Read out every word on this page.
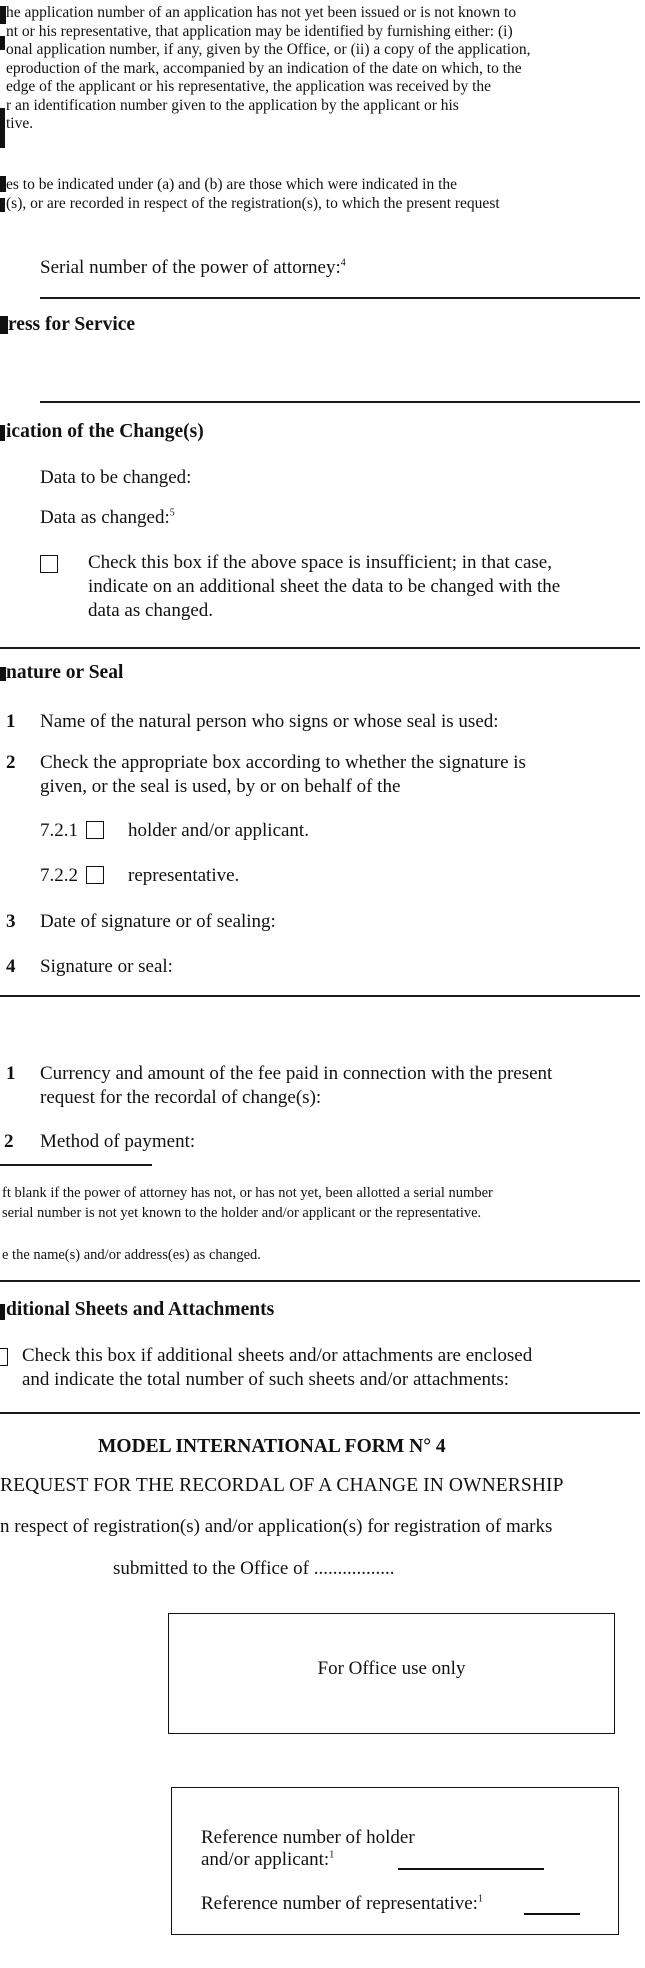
he application number of an application has not yet been issued or is not known to
nt or his representative, that application may be identified by furnishing either: (i)
onal application number, if any, given by the Office, or (ii) a copy of the application,
eproduction of the mark, accompanied by an indication of the date on which, to the
edge of the applicant or his representative, the application was received by the
r an identification number given to the application by the applicant or his
tive.
es to be indicated under (a) and (b) are those which were indicated in the
(s), or are recorded in respect of the registration(s), to which the present request
Serial number of the power of attorney:$^4$
ress for Service
ication of the Change(s)
Data to be changed:
Data as changed:$^5$
Check this box if the above space is insufficient; in that case,
indicate on an additional sheet the data to be changed with the
data as changed.
nature or Seal
1 Name of the natural person who signs or whose seal is used:
2 Check the appropriate box according to whether the signature is
given, or the seal is used, by or on behalf of the
7.2.1	holder and/or applicant.
7.2.2	representative.
3 Date of signature or of sealing:
4 Signature or seal:
1 Currency and amount of the fee paid in connection with the present
request for the recordal of change(s):
2 Method of payment:
ft blank if the power of attorney has not, or has not yet, been allotted a serial number
serial number is not yet known to the holder and/or applicant or the representative.
e the name(s) and/or address(es) as changed.
ditional Sheets and Attachments
Check this box if additional sheets and/or attachments are enclosed
and indicate the total number of such sheets and/or attachments:
MODEL INTERNATIONAL FORM N° 4
REQUEST FOR THE RECORDAL OF A CHANGE IN OWNERSHIP
n respect of registration(s) and/or application(s) for registration of marks
submitted to the Office of .................
For Office use only
Reference number of holder
and/or applicant:$^1$
Reference number of representative:$^1$
